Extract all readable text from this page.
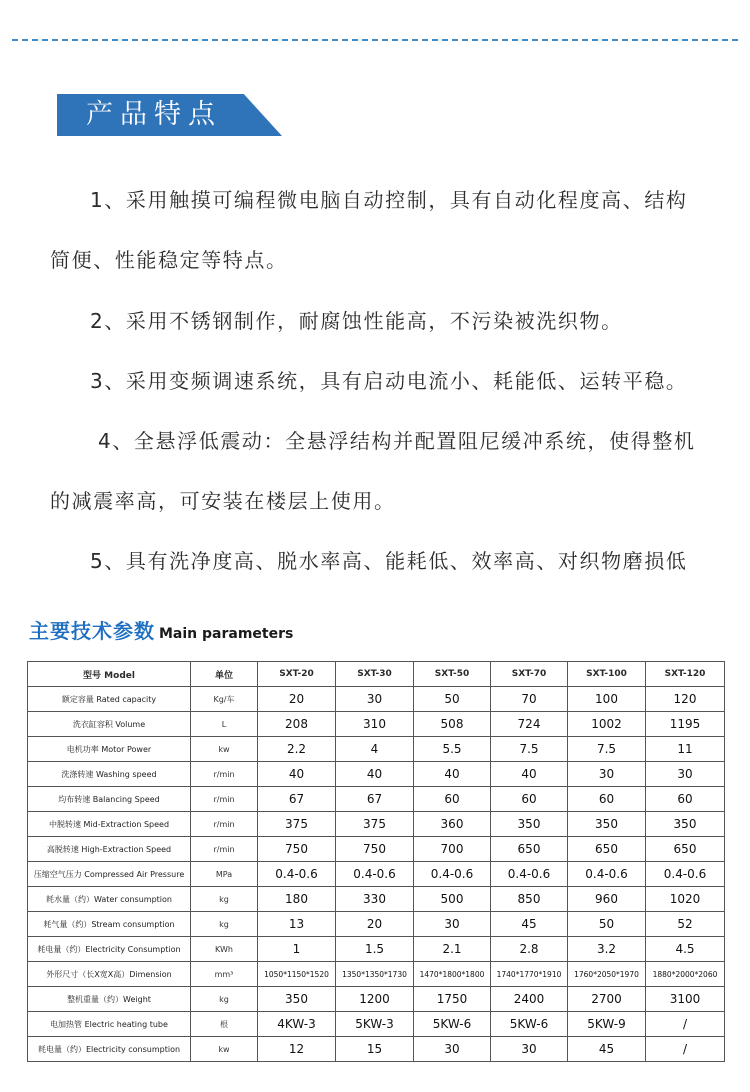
产品特点
1、采用触摸可编程微电脑自动控制，具有自动化程度高、结构
简便、性能稳定等特点。
2、采用不锈钢制作，耐腐蚀性能高，不污染被洗织物。
3、采用变频调速系统，具有启动电流小、耗能低、运转平稳。
4、全悬浮低震动：全悬浮结构并配置阻尼缓冲系统，使得整机
的减震率高，可安装在楼层上使用。
5、具有洗净度高、脱水率高、能耗低、效率高、对织物磨损低
主要技术参数 Main parameters
型号 Model	单位	SXT-20	SXT-30	SXT-50	SXT-70	SXT-100	SXT-120
额定容量 Rated capacity	Kg/车	20	30	50	70	100	120
洗衣缸容积 Volume	L	208	310	508	724	1002	1195
电机功率 Motor Power	kw	2.2	4	5.5	7.5	7.5	11
洗涤转速 Washing speed	r/min	40	40	40	40	30	30
均布转速 Balancing Speed	r/min	67	67	60	60	60	60
中脱转速 Mid-Extraction Speed	r/min	375	375	360	350	350	350
高脱转速 High-Extraction Speed	r/min	750	750	700	650	650	650
压缩空气压力 Compressed Air Pressure	MPa	0.4-0.6	0.4-0.6	0.4-0.6	0.4-0.6	0.4-0.6	0.4-0.6
耗水量（约）Water consumption	kg	180	330	500	850	960	1020
耗气量（约）Stream consumption	kg	13	20	30	45	50	52
耗电量（约）Electricity Consumption	KWh	1	1.5	2.1	2.8	3.2	4.5
外形尺寸（长X宽X高）Dimension	mm³	1050*1150*1520	1350*1350*1730	1470*1800*1800	1740*1770*1910	1760*2050*1970	1880*2000*2060
整机重量（约）Weight	kg	350	1200	1750	2400	2700	3100
电加热管 Electric heating tube	根	4KW-3	5KW-3	5KW-6	5KW-6	5KW-9	/
耗电量（约）Electricity consumption	kw	12	15	30	30	45	/
